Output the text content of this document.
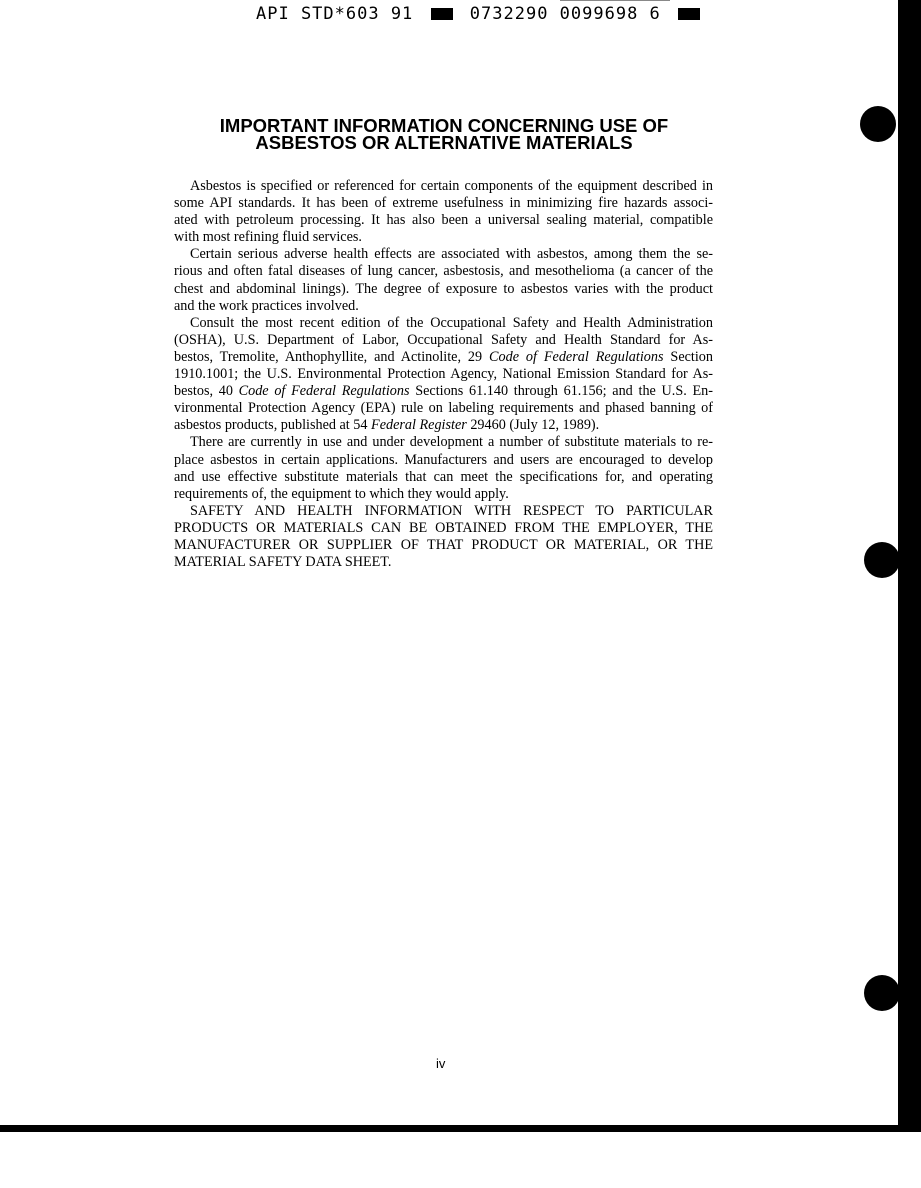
API STD*603 91	0732290 0099698 6
IMPORTANT INFORMATION CONCERNING USE OF
ASBESTOS OR ALTERNATIVE MATERIALS
Asbestos is specified or referenced for certain components of the equipment described in
some API standards. It has been of extreme usefulness in minimizing fire hazards associ-
ated with petroleum processing. It has also been a universal sealing material, compatible
with most refining fluid services.
Certain serious adverse health effects are associated with asbestos, among them the se-
rious and often fatal diseases of lung cancer, asbestosis, and mesothelioma (a cancer of the
chest and abdominal linings). The degree of exposure to asbestos varies with the product
and the work practices involved.
Consult the most recent edition of the Occupational Safety and Health Administration
(OSHA), U.S. Department of Labor, Occupational Safety and Health Standard for As-
bestos, Tremolite, Anthophyllite, and Actinolite, 29 Code of Federal Regulations Section
1910.1001; the U.S. Environmental Protection Agency, National Emission Standard for As-
bestos, 40 Code of Federal Regulations Sections 61.140 through 61.156; and the U.S. En-
vironmental Protection Agency (EPA) rule on labeling requirements and phased banning of
asbestos products, published at 54 Federal Register 29460 (July 12, 1989).
There are currently in use and under development a number of substitute materials to re-
place asbestos in certain applications. Manufacturers and users are encouraged to develop
and use effective substitute materials that can meet the specifications for, and operating
requirements of, the equipment to which they would apply.
SAFETY AND HEALTH INFORMATION WITH RESPECT TO PARTICULAR
PRODUCTS OR MATERIALS CAN BE OBTAINED FROM THE EMPLOYER, THE
MANUFACTURER OR SUPPLIER OF THAT PRODUCT OR MATERIAL, OR THE
MATERIAL SAFETY DATA SHEET.
iv
